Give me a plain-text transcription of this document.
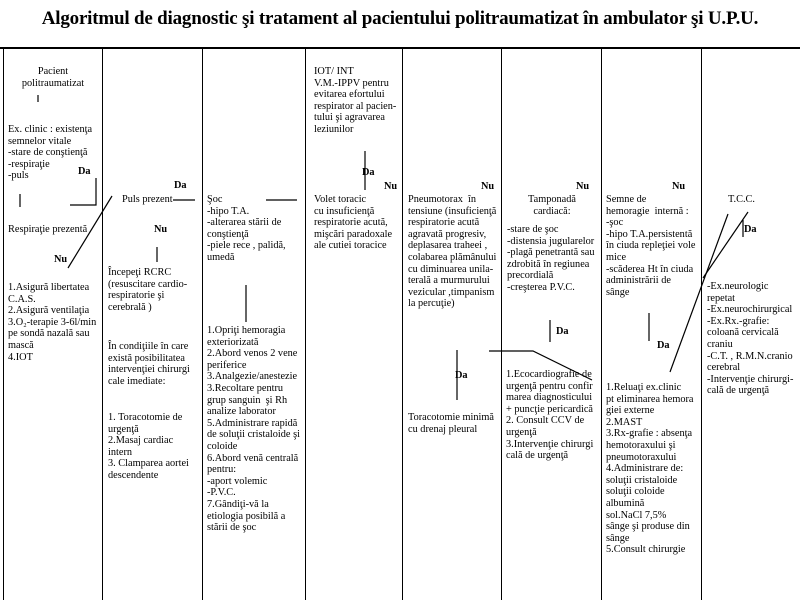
Algoritmul de diagnostic şi tratament al pacientului politraumatizat în ambulator şi U.P.U.

Pacient
politraumatizat

Ex. clinic : existenţa
semnelor vitale
-stare de conştienţă
-respiraţie
-puls	Da

Respiraţie prezentă

Nu

1.Asigură libertatea
C.A.S.
2.Asigură ventilaţia
3.O₂-terapie 3-6l/min
pe sondă nazală sau
mască
4.IOT

Da

Puls prezent

Nu

Începeţi RCRC
(resuscitare cardio-
respiratorie şi
cerebrală )

În condiţiile în care
există posibilitatea
intervenţiei chirurgi
cale imediate:

1. Toracotomie de
urgenţă
2.Masaj cardiac
intern
3. Clamparea aortei
descendente

Şoc
-hipo T.A.
-alterarea stării de
conştienţă
-piele rece , palidă,
umedă

1.Opriţi hemoragia
exteriorizată
2.Abord venos 2 vene
periferice
3.Analgezie/anestezie
3.Recoltare pentru
grup sanguin  şi Rh
analize laborator
5.Administrare rapidă
de soluţii cristaloide şi
coloide
6.Abord venă centrală
pentru:
-aport volemic
-P.V.C.
7.Gândiţi-vă la
etiologia posibilă a
stării de şoc

IOT/ INT
V.M.-IPPV pentru
evitarea efortului
respirator al pacien-
tului şi agravarea
leziunilor

Da

Nu

Volet toracic
cu insuficienţă
respiratorie acută,
mişcări paradoxale
ale cutiei toracice

Nu

Pneumotorax  în
tensiune (insuficienţă
respiratorie acută
agravată progresiv,
deplasarea traheei ,
colabarea plămânului
cu diminuarea unila-
terală a murmurului
vezicular ,timpanism
la percuţie)

Da

Toracotomie minimă
cu drenaj pleural

Nu

Tamponadă
cardiacă:

-stare de şoc
-distensia jugularelor
-plagă penetrantă sau
zdrobită în regiunea
precordială
-creşterea P.V.C.

Da

1.Ecocardiografie de
urgenţă pentru confir
marea diagnosticului
+ puncţie pericardică
2. Consult CCV de
urgenţă
3.Intervenţie chirurgi
cală de urgenţă

Nu

Semne de
hemoragie  internă :
-şoc
-hipo T.A.persistentă
în ciuda repleţiei vole
mice
-scăderea Ht în ciuda
administrării de
sânge

Da

1.Reluaţi ex.clinic
pt eliminarea hemora
giei externe
2.MAST
3.Rx-grafie : absenţa
hemotoraxului şi
pneumotoraxului
4.Administrare de:
soluţii cristaloide
soluţii coloide
albumină
sol.NaCl 7,5%
sânge şi produse din
sânge
5.Consult chirurgie

T.C.C.

Da

-Ex.neurologic
repetat
-Ex.neurochirurgical
-Ex.Rx.-grafie:
coloană cervicală
craniu
-C.T. , R.M.N.cranio
cerebral
-Intervenţie chirurgi-
cală de urgenţă
